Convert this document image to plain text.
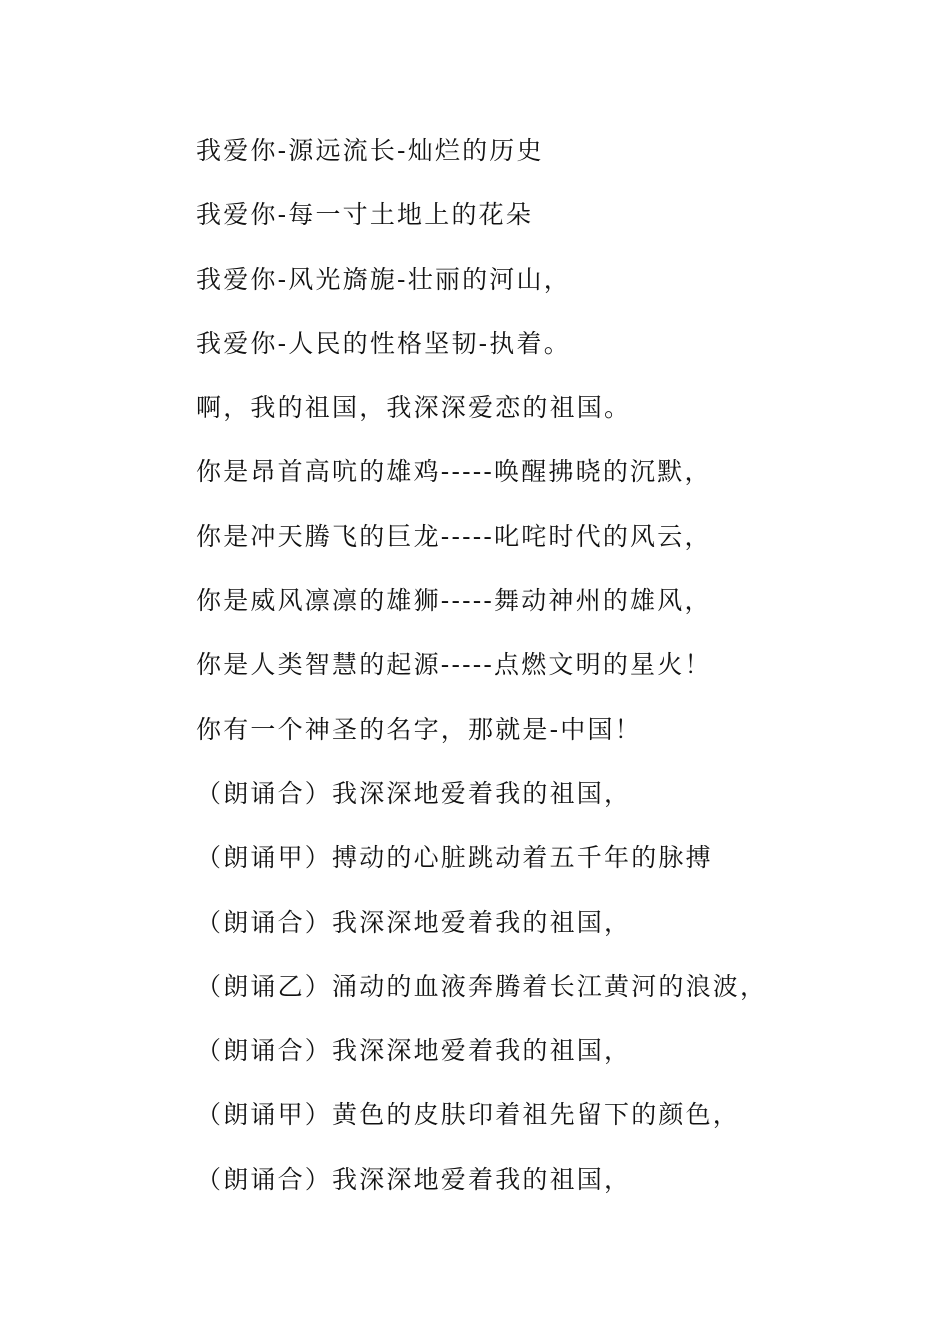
我爱你-源远流长-灿烂的历史
我爱你-每一寸土地上的花朵
我爱你-风光旖旎-壮丽的河山，
我爱你-人民的性格坚韧-执着。
啊，我的祖国，我深深爱恋的祖国。
你是昂首高吭的雄鸡-----唤醒拂晓的沉默，
你是冲天腾飞的巨龙-----叱咤时代的风云，
你是威风凛凛的雄狮-----舞动神州的雄风，
你是人类智慧的起源-----点燃文明的星火！
你有一个神圣的名字，那就是-中国！
（朗诵合）我深深地爱着我的祖国，
（朗诵甲）搏动的心脏跳动着五千年的脉搏
（朗诵合）我深深地爱着我的祖国，
（朗诵乙）涌动的血液奔腾着长江黄河的浪波，
（朗诵合）我深深地爱着我的祖国，
（朗诵甲）黄色的皮肤印着祖先留下的颜色，
（朗诵合）我深深地爱着我的祖国，
